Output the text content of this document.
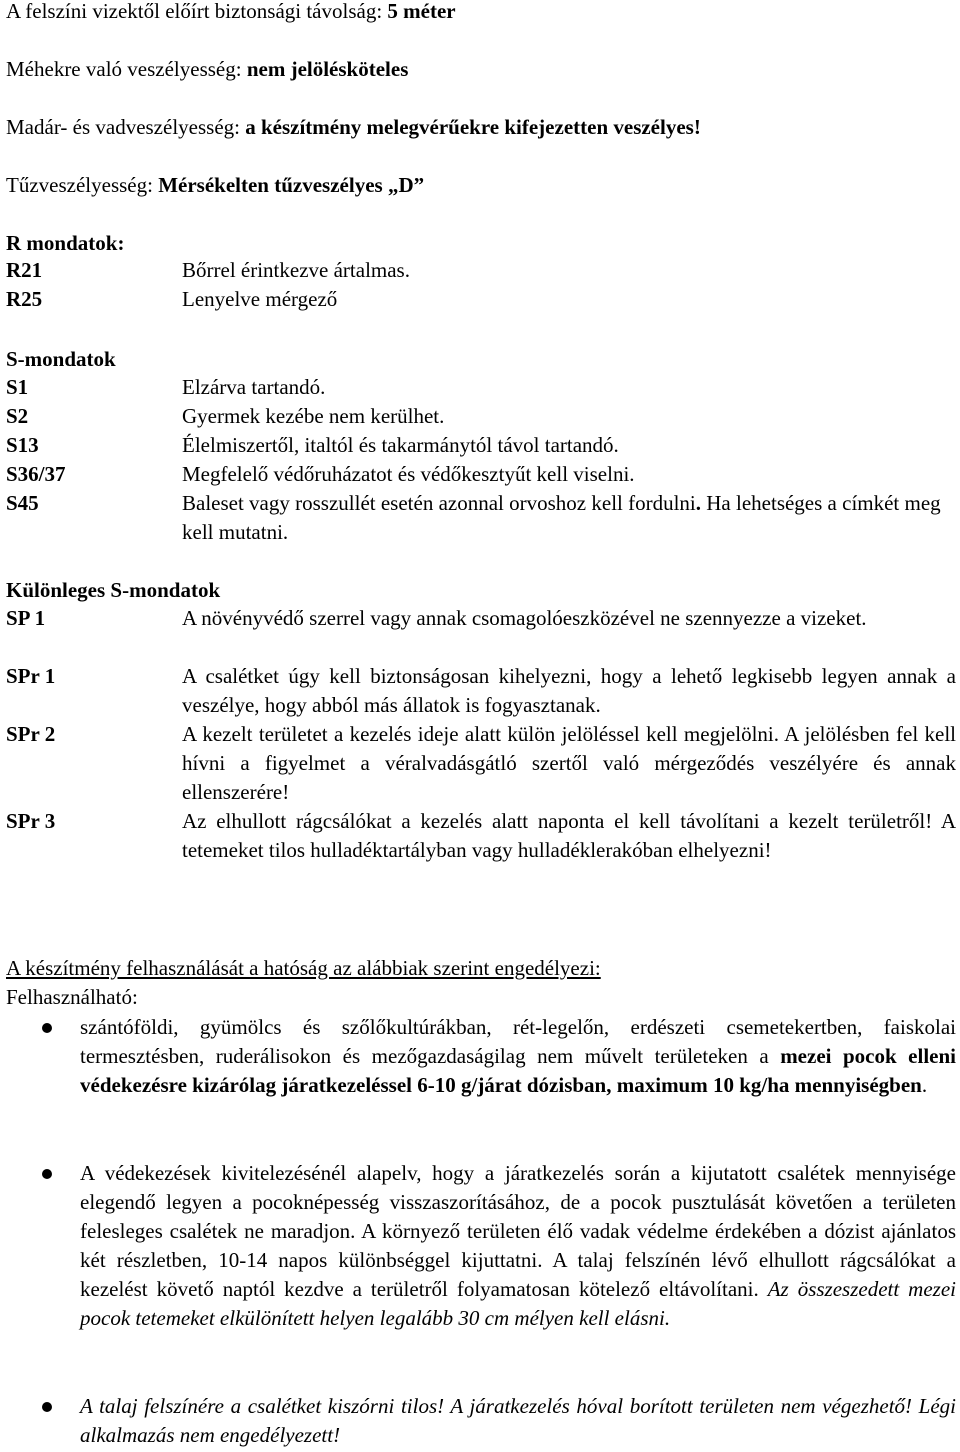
A felszíni vizektől előírt biztonsági távolság: 5 méter
Méhekre való veszélyesség: nem jelölésköteles
Madár- és vadveszélyesség: a készítmény melegvérűekre kifejezetten veszélyes!
Tűzveszélyesség: Mérsékelten tűzveszélyes „D”
R mondatok:
R21	Bőrrel érintkezve ártalmas.
R25	Lenyelve mérgező
S-mondatok
S1	Elzárva tartandó.
S2	Gyermek kezébe nem kerülhet.
S13	Élelmiszertől, italtól és takarmánytól távol tartandó.
S36/37	Megfelelő védőruházatot és védőkesztyűt kell viselni.
S45	Baleset vagy rosszullét esetén azonnal orvoshoz kell fordulni. Ha lehetséges a címkét meg kell mutatni.
Különleges S-mondatok
SP 1	A növényvédő szerrel vagy annak csomagolóeszközével ne szennyezze a vizeket.
SPr 1	A csalétket úgy kell biztonságosan kihelyezni, hogy a lehető legkisebb legyen annak a veszélye, hogy abból más állatok is fogyasztanak.
SPr 2	A kezelt területet a kezelés ideje alatt külön jelöléssel kell megjelölni. A jelölésben fel kell hívni a figyelmet a véralvadásgátló szertől való mérgeződés veszélyére és annak ellenszerére!
SPr 3	Az elhullott rágcsálókat a kezelés alatt naponta el kell távolítani a kezelt területről! A tetemeket tilos hulladéktartályban vagy hulladéklerakóban elhelyezni!
A készítmény felhasználását a hatóság az alábbiak szerint engedélyezi:
Felhasználható:
szántóföldi, gyümölcs és szőlőkultúrákban, rét-legelőn, erdészeti csemetekertben, faiskolai termesztésben, ruderálisokon és mezőgazdaságilag nem művelt területeken a mezei pocok elleni védekezésre kizárólag járatkezeléssel 6-10 g/járat dózisban, maximum 10 kg/ha mennyiségben.
A védekezések kivitelezésénél alapelv, hogy a járatkezelés során a kijutatott csalétek mennyisége elegendő legyen a pocoknépesség visszaszorításához, de a pocok pusztulását követően a területen felesleges csalétek ne maradjon. A környező területen élő vadak védelme érdekében a dózist ajánlatos két részletben, 10-14 napos különbséggel kijuttatni. A talaj felszínén lévő elhullott rágcsálókat a kezelést követő naptól kezdve a területről folyamatosan kötelező eltávolítani. Az összeszedett mezei pocok tetemeket elkülönített helyen legalább 30 cm mélyen kell elásni.
A talaj felszínére a csalétket kiszórni tilos! A járatkezelés hóval borított területen nem végezhető! Légi alkalmazás nem engedélyezett!
